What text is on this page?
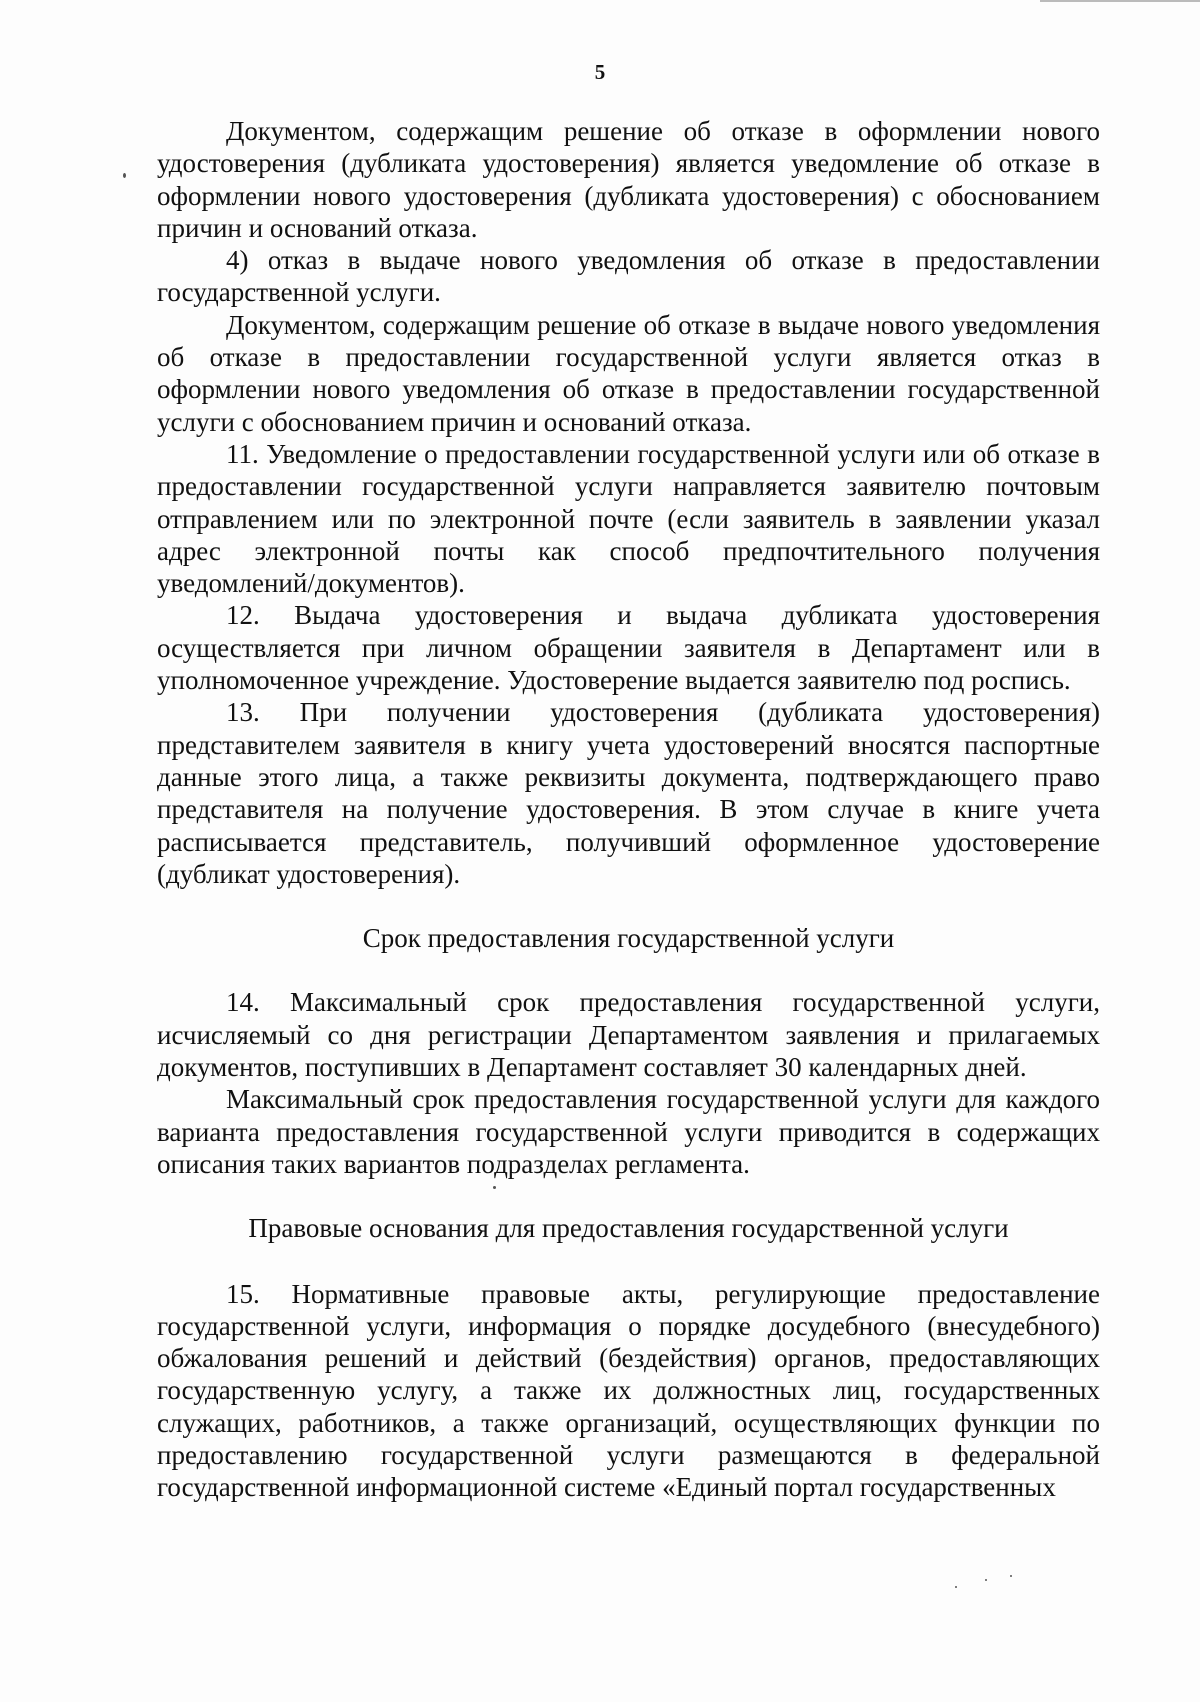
5

Документом, содержащим решение об отказе в оформлении нового удостоверения (дубликата удостоверения) является уведомление об отказе в оформлении нового удостоверения (дубликата удостоверения) с обоснованием причин и оснований отказа.

4) отказ в выдаче нового уведомления об отказе в предоставлении государственной услуги.

Документом, содержащим решение об отказе в выдаче нового уведомления об отказе в предоставлении государственной услуги является отказ в оформлении нового уведомления об отказе в предоставлении государственной услуги с обоснованием причин и оснований отказа.

11. Уведомление о предоставлении государственной услуги или об отказе в предоставлении государственной услуги направляется заявителю почтовым отправлением или по электронной почте (если заявитель в заявлении указал адрес электронной почты как способ предпочтительного получения уведомлений/документов).

12. Выдача удостоверения и выдача дубликата удостоверения осуществляется при личном обращении заявителя в Департамент или в уполномоченное учреждение. Удостоверение выдается заявителю под роспись.

13. При получении удостоверения (дубликата удостоверения) представителем заявителя в книгу учета удостоверений вносятся паспортные данные этого лица, а также реквизиты документа, подтверждающего право представителя на получение удостоверения. В этом случае в книге учета расписывается представитель, получивший оформленное удостоверение (дубликат удостоверения).

Срок предоставления государственной услуги

14. Максимальный срок предоставления государственной услуги, исчисляемый со дня регистрации Департаментом заявления и прилагаемых документов, поступивших в Департамент составляет 30 календарных дней.

Максимальный срок предоставления государственной услуги для каждого варианта предоставления государственной услуги приводится в содержащих описания таких вариантов подразделах регламента.

Правовые основания для предоставления государственной услуги

15. Нормативные правовые акты, регулирующие предоставление государственной услуги, информация о порядке досудебного (внесудебного) обжалования решений и действий (бездействия) органов, предоставляющих государственную услугу, а также их должностных лиц, государственных служащих, работников, а также организаций, осуществляющих функции по предоставлению государственной услуги размещаются в федеральной государственной информационной системе «Единый портал государственных
